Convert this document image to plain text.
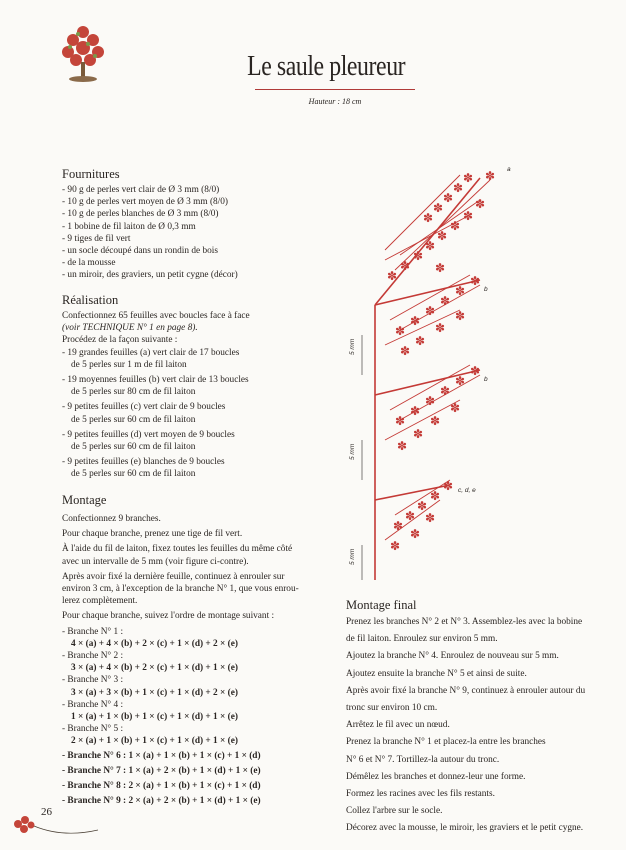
Le saule pleureur
Hauteur : 18 cm
Fournitures
- 90 g de perles vert clair de Ø 3 mm (8/0)
- 10 g de perles vert moyen de Ø 3 mm (8/0)
- 10 g de perles blanches de Ø 3 mm (8/0)
- 1 bobine de fil laiton de Ø 0,3 mm
- 9 tiges de fil vert
- un socle découpé dans un rondin de bois
- de la mousse
- un miroir, des graviers, un petit cygne (décor)
Réalisation
Confectionnez 65 feuilles avec boucles face à face
(voir TECHNIQUE N° 1 en page 8).
Procédez de la façon suivante :
- 19 grandes feuilles (a) vert clair de 17 boucles
de 5 perles sur 1 m de fil laiton
- 19 moyennes feuilles (b) vert clair de 13 boucles
de 5 perles sur 80 cm de fil laiton
- 9 petites feuilles (c) vert clair de 9 boucles
de 5 perles sur 60 cm de fil laiton
- 9 petites feuilles (d) vert moyen de 9 boucles
de 5 perles sur 60 cm de fil laiton
- 9 petites feuilles (e) blanches de 9 boucles
de 5 perles sur 60 cm de fil laiton
Montage
Confectionnez 9 branches.
Pour chaque branche, prenez une tige de fil vert.
À l'aide du fil de laiton, fixez toutes les feuilles du même côté
avec un intervalle de 5 mm (voir figure ci-contre).
Après avoir fixé la dernière feuille, continuez à enrouler sur
environ 3 cm, à l'exception de la branche N° 1, que vous enrou-
lerez complètement.
Pour chaque branche, suivez l'ordre de montage suivant :
- Branche N° 1 :
4 × (a) + 4 × (b) + 2 × (c) + 1 × (d) + 2 × (e)
- Branche N° 2 :
3 × (a) + 4 × (b) + 2 × (c) + 1 × (d) + 1 × (e)
- Branche N° 3 :
3 × (a) + 3 × (b) + 1 × (c) + 1 × (d) + 2 × (e)
- Branche N° 4 :
1 × (a) + 1 × (b) + 1 × (c) + 1 × (d) + 1 × (e)
- Branche N° 5 :
2 × (a) + 1 × (b) + 1 × (c) + 1 × (d) + 1 × (e)
- Branche N° 6 : 1 × (a) + 1 × (b) + 1 × (c) + 1 × (d)
- Branche N° 7 : 1 × (a) + 2 × (b) + 1 × (d) + 1 × (e)
- Branche N° 8 : 2 × (a) + 1 × (b) + 1 × (c) + 1 × (d)
- Branche N° 9 : 2 × (a) + 2 × (b) + 1 × (d) + 1 × (e)
✽
✽
✽
✽
✽
✽
✽
✽
✽
✽
✽
✽
✽
✽
✽
✽
✽
✽
✽
✽
✽
✽
✽
✽
✽
✽
✽
✽
✽
✽
✽
✽
✽
✽
✽
✽
✽
✽
✽
✽
✽
✽
✽
a
b
b
c, d, e
5 mm
5 mm
5 mm
Montage final
Prenez les branches N° 2 et N° 3. Assemblez-les avec la bobine
de fil laiton. Enroulez sur environ 5 mm.
Ajoutez la branche N° 4. Enroulez de nouveau sur 5 mm.
Ajoutez ensuite la branche N° 5 et ainsi de suite.
Après avoir fixé la branche N° 9, continuez à enrouler autour du
tronc sur environ 10 cm.
Arrêtez le fil avec un nœud.
Prenez la branche N° 1 et placez-la entre les branches
N° 6 et N° 7. Tortillez-la autour du tronc.
Démêlez les branches et donnez-leur une forme.
Formez les racines avec les fils restants.
Collez l'arbre sur le socle.
Décorez avec la mousse, le miroir, les graviers et le petit cygne.
26
